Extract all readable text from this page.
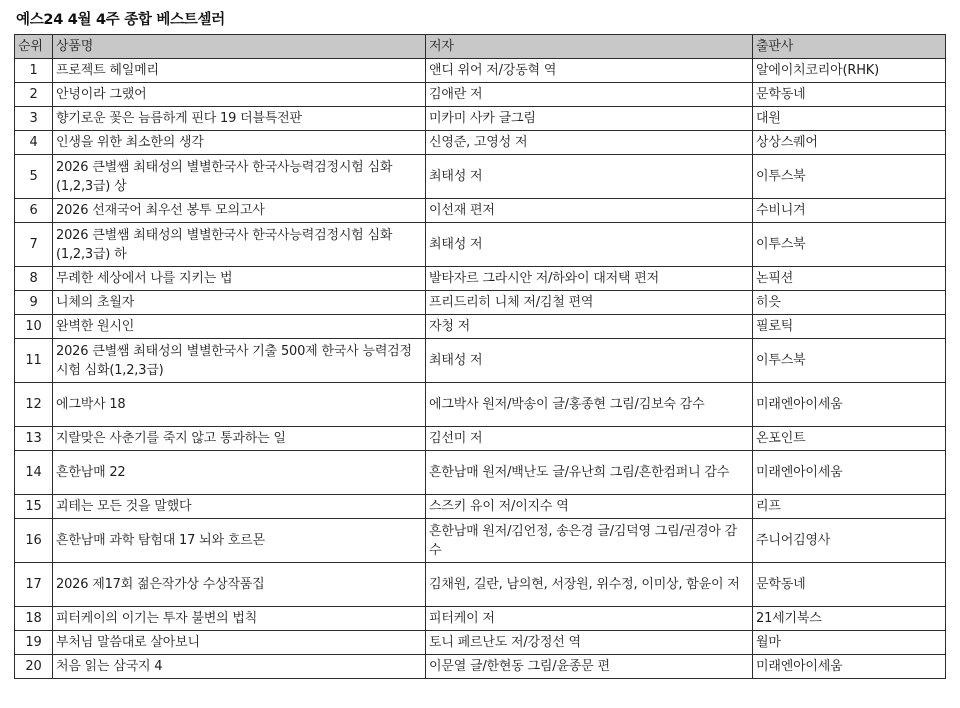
예스24 4월 4주 종합 베스트셀러
순위	상품명	저자	출판사
1	프로젝트 헤일메리	앤디 위어 저/강동혁 역	알에이치코리아(RHK)
2	안녕이라 그랬어	김애란 저	문학동네
3	향기로운 꽃은 늠름하게 핀다 19 더블특전판	미카미 사카 글그림	대원
4	인생을 위한 최소한의 생각	신영준, 고영성 저	상상스퀘어
5	2026 큰별쌤 최태성의 별별한국사 한국사능력검정시험 심화(1,2,3급) 상	최태성 저	이투스북
6	2026 선재국어 최우선 봉투 모의고사	이선재 편저	수비니겨
7	2026 큰별쌤 최태성의 별별한국사 한국사능력검정시험 심화(1,2,3급) 하	최태성 저	이투스북
8	무례한 세상에서 나를 지키는 법	발타자르 그라시안 저/하와이 대저택 편저	논픽션
9	니체의 초월자	프리드리히 니체 저/김철 편역	히읏
10	완벽한 원시인	자청 저	필로틱
11	2026 큰별쌤 최태성의 별별한국사 기출 500제 한국사 능력검정시험 심화(1,2,3급)	최태성 저	이투스북
12	에그박사 18	에그박사 원저/박송이 글/홍종현 그림/김보숙 감수	미래엔아이세움
13	지랄맞은 사춘기를 죽지 않고 통과하는 일	김선미 저	온포인트
14	흔한남매 22	흔한남매 원저/백난도 글/유난희 그림/흔한컴퍼니 감수	미래엔아이세움
15	괴테는 모든 것을 말했다	스즈키 유이 저/이지수 역	리프
16	흔한남매 과학 탐험대 17 뇌와 호르몬	흔한남매 원저/김언정, 송은경 글/김덕영 그림/권경아 감수	주니어김영사
17	2026 제17회 젊은작가상 수상작품집	김채원, 길란, 남의현, 서장원, 위수정, 이미상, 함윤이 저	문학동네
18	피터케이의 이기는 투자 불변의 법칙	피터케이 저	21세기북스
19	부처님 말씀대로 살아보니	토니 페르난도 저/강정선 역	월마
20	처음 읽는 삼국지 4	이문열 글/한현동 그림/윤종문 편	미래엔아이세움
